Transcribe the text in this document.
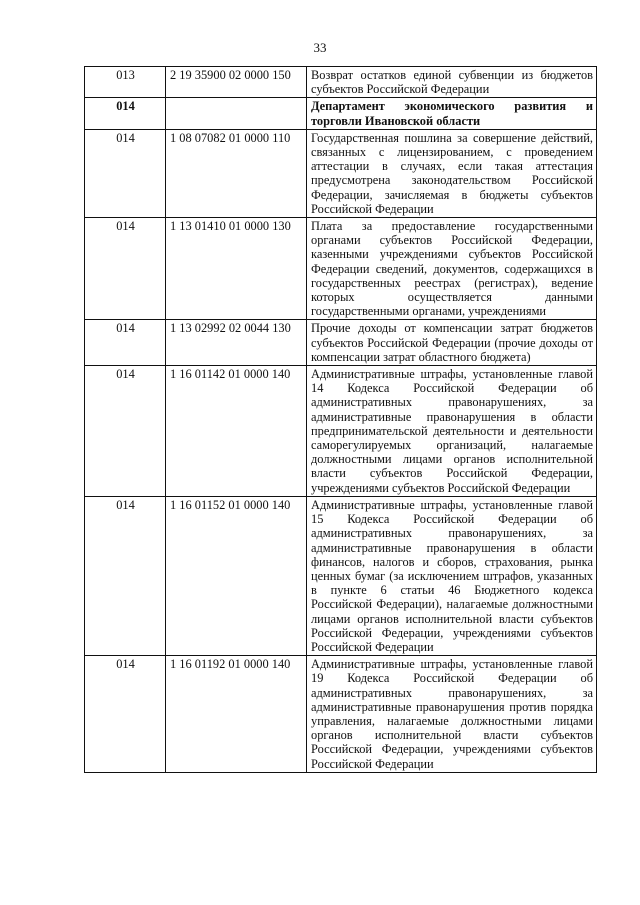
33
013	2 19 35900 02 0000 150	Возврат остатков единой субвенции из бюджетов субъектов Российской Федерации
014		Департамент экономического развития и торговли Ивановской области
014	1 08 07082 01 0000 110	Государственная пошлина за совершение действий, связанных с лицензированием, с проведением аттестации в случаях, если такая аттестация предусмотрена законодательством Российской Федерации, зачисляемая в бюджеты субъектов Российской Федерации
014	1 13 01410 01 0000 130	Плата за предоставление государственными органами субъектов Российской Федерации, казенными учреждениями субъектов Российской Федерации сведений, документов, содержащихся в государственных реестрах (регистрах), ведение которых осуществляется данными государственными органами, учреждениями
014	1 13 02992 02 0044 130	Прочие доходы от компенсации затрат бюджетов субъектов Российской Федерации (прочие доходы от компенсации затрат областного бюджета)
014	1 16 01142 01 0000 140	Административные штрафы, установленные главой 14 Кодекса Российской Федерации об административных правонарушениях, за административные правонарушения в области предпринимательской деятельности и деятельности саморегулируемых организаций, налагаемые должностными лицами органов исполнительной власти субъектов Российской Федерации, учреждениями субъектов Российской Федерации
014	1 16 01152 01 0000 140	Административные штрафы, установленные главой 15 Кодекса Российской Федерации об административных правонарушениях, за административные правонарушения в области финансов, налогов и сборов, страхования, рынка ценных бумаг (за исключением штрафов, указанных в пункте 6 статьи 46 Бюджетного кодекса Российской Федерации), налагаемые должностными лицами органов исполнительной власти субъектов Российской Федерации, учреждениями субъектов Российской Федерации
014	1 16 01192 01 0000 140	Административные штрафы, установленные главой 19 Кодекса Российской Федерации об административных правонарушениях, за административные правонарушения против порядка управления, налагаемые должностными лицами органов исполнительной власти субъектов Российской Федерации, учреждениями субъектов Российской Федерации
